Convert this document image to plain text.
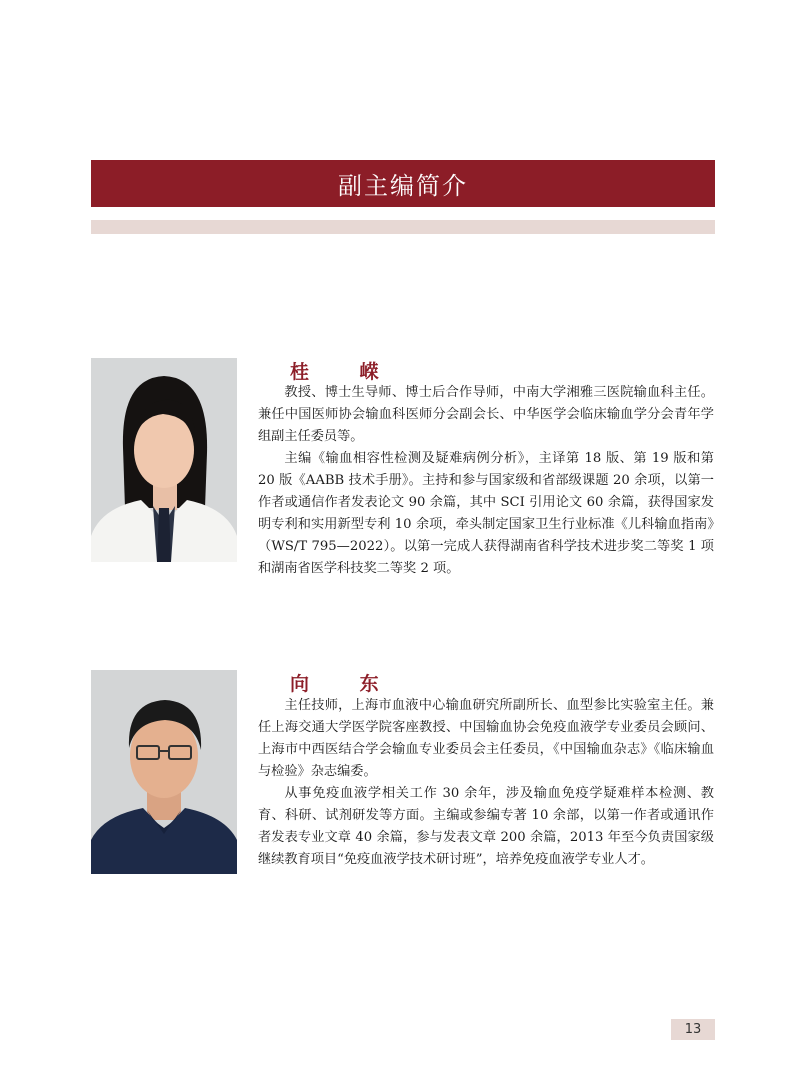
副主编简介
桂 嵘

教授、博士生导师、博士后合作导师，中南大学湘雅三医院输血科主任。兼任中国医师协会输血科医师分会副会长、中华医学会临床输血学分会青年学组副主任委员等。

主编《输血相容性检测及疑难病例分析》，主译第 18 版、第 19 版和第 20 版《AABB 技术手册》。主持和参与国家级和省部级课题 20 余项，以第一作者或通信作者发表论文 90 余篇，其中 SCI 引用论文 60 余篇，获得国家发明专利和实用新型专利 10 余项，牵头制定国家卫生行业标准《儿科输血指南》（WS/T 795—2022）。以第一完成人获得湖南省科学技术进步奖二等奖 1 项和湖南省医学科技奖二等奖 2 项。

向 东

主任技师，上海市血液中心输血研究所副所长、血型参比实验室主任。兼任上海交通大学医学院客座教授、中国输血协会免疫血液学专业委员会顾问、上海市中西医结合学会输血专业委员会主任委员，《中国输血杂志》《临床输血与检验》杂志编委。

从事免疫血液学相关工作 30 余年，涉及输血免疫学疑难样本检测、教育、科研、试剂研发等方面。主编或参编专著 10 余部，以第一作者或通讯作者发表专业文章 40 余篇，参与发表文章 200 余篇，2013 年至今负责国家级继续教育项目“免疫血液学技术研讨班”，培养免疫血液学专业人才。

13
